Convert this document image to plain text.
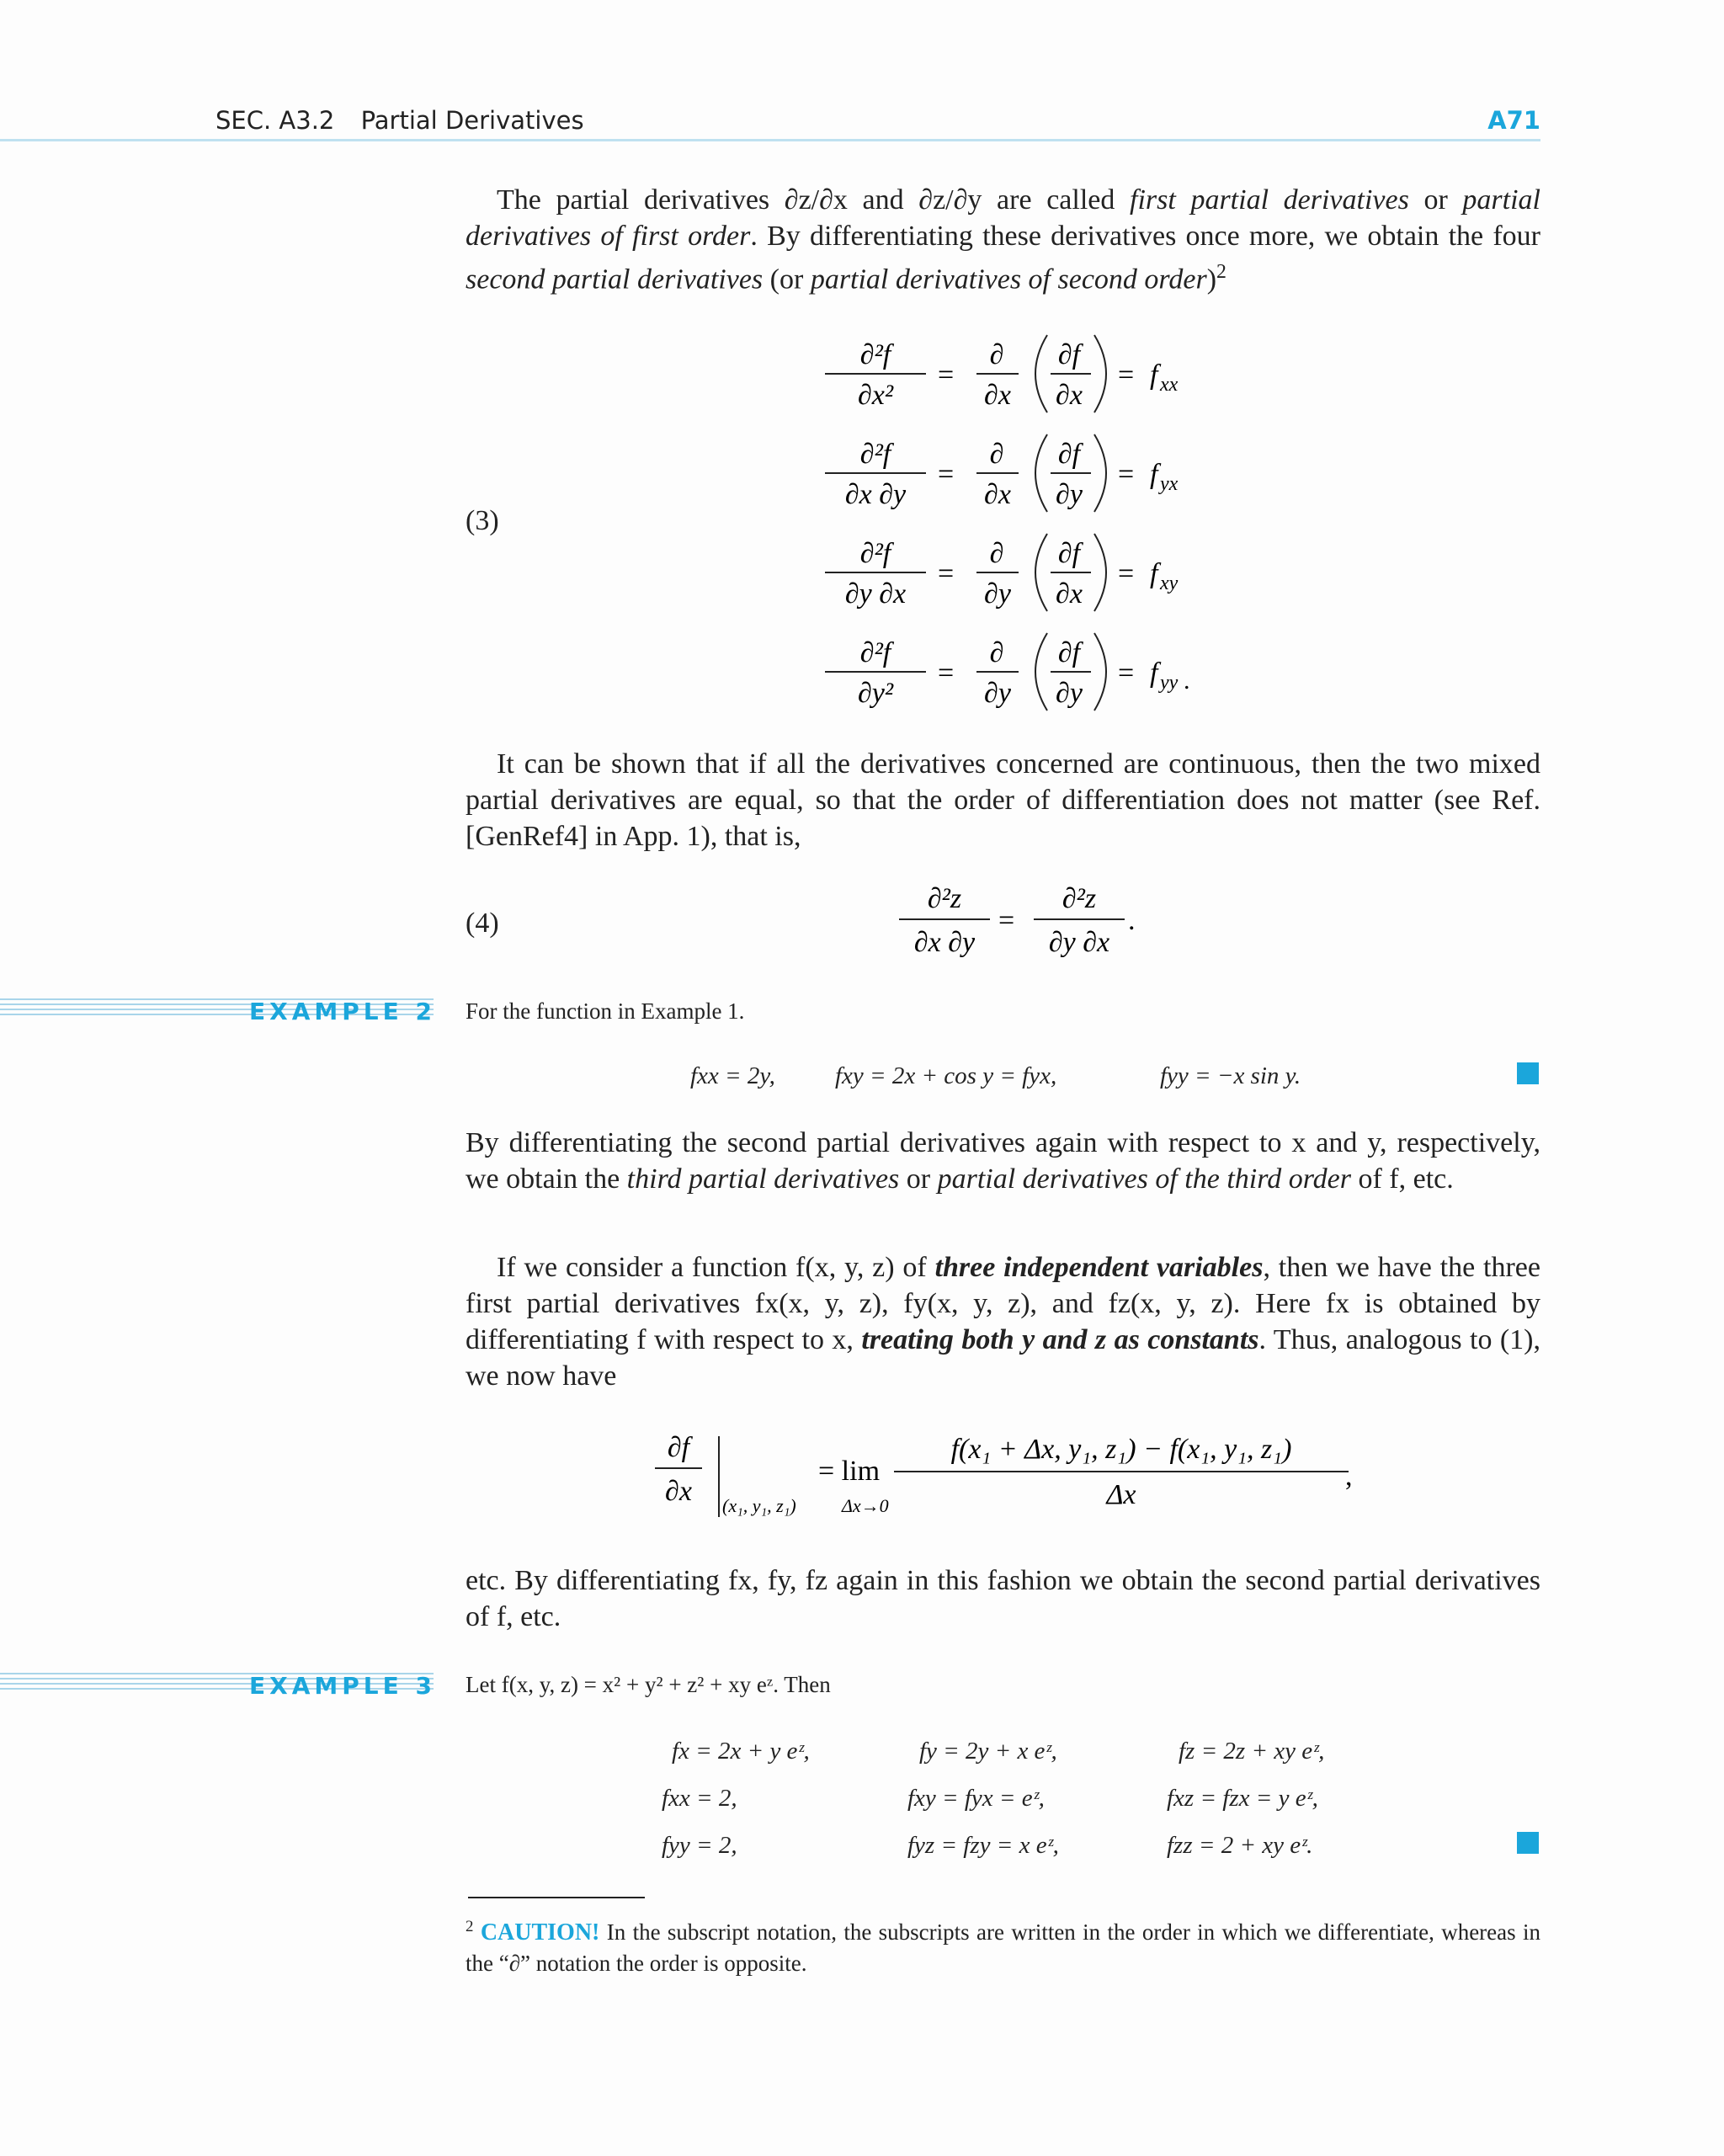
SEC. A3.2 Partial Derivatives	A71
The partial derivatives ∂z/∂x and ∂z/∂y are called first partial derivatives or partial derivatives of first order. By differentiating these derivatives once more, we obtain the four second partial derivatives (or partial derivatives of second order)$^2$
(3)
∂²f
∂x²
=
∂
∂x
∂f
∂x
= f xx
∂²f
∂x ∂y
=
∂
∂x
∂f
∂y
= f yx
∂²f
∂y ∂x
=
∂
∂y
∂f
∂x
= f xy
∂²f
∂y²
=
∂
∂y
∂f
∂y
= f yy .
It can be shown that if all the derivatives concerned are continuous, then the two mixed partial derivatives are equal, so that the order of differentiation does not matter (see Ref. [GenRef4] in App. 1), that is,
(4)
∂²z
∂x ∂y
=
∂²z
∂y ∂x
.
EXAMPLE 2 For the function in Example 1.
fxx = 2y, fxy = 2x + cos y = fyx,	fyy = −x sin y.
By differentiating the second partial derivatives again with respect to x and y, respectively, we obtain the third partial derivatives or partial derivatives of the third order of f, etc.
If we consider a function f(x, y, z) of three independent variables, then we have the three first partial derivatives fx(x, y, z), fy(x, y, z), and fz(x, y, z). Here fx is obtained by differentiating f with respect to x, treating both y and z as constants. Thus, analogous to (1), we now have
∂f
∂x (x₁, y₁, z₁)
= lim
Δx→0
f(x₁ + Δx, y₁, z₁) − f(x₁, y₁, z₁)
Δx
,
etc. By differentiating fx, fy, fz again in this fashion we obtain the second partial derivatives of f, etc.
EXAMPLE 3 Let f(x, y, z) = x² + y² + z² + xy eᶻ. Then
fx = 2x + y eᶻ,	fy = 2y + x eᶻ,	fz = 2z + xy eᶻ,
fxx = 2,	fxy = fyx = eᶻ,	fxz = fzx = y eᶻ,
fyy = 2,	fyz = fzy = x eᶻ,	fzz = 2 + xy eᶻ.
$^2$ CAUTION! In the subscript notation, the subscripts are written in the order in which we differentiate, whereas in the “∂” notation the order is opposite.
